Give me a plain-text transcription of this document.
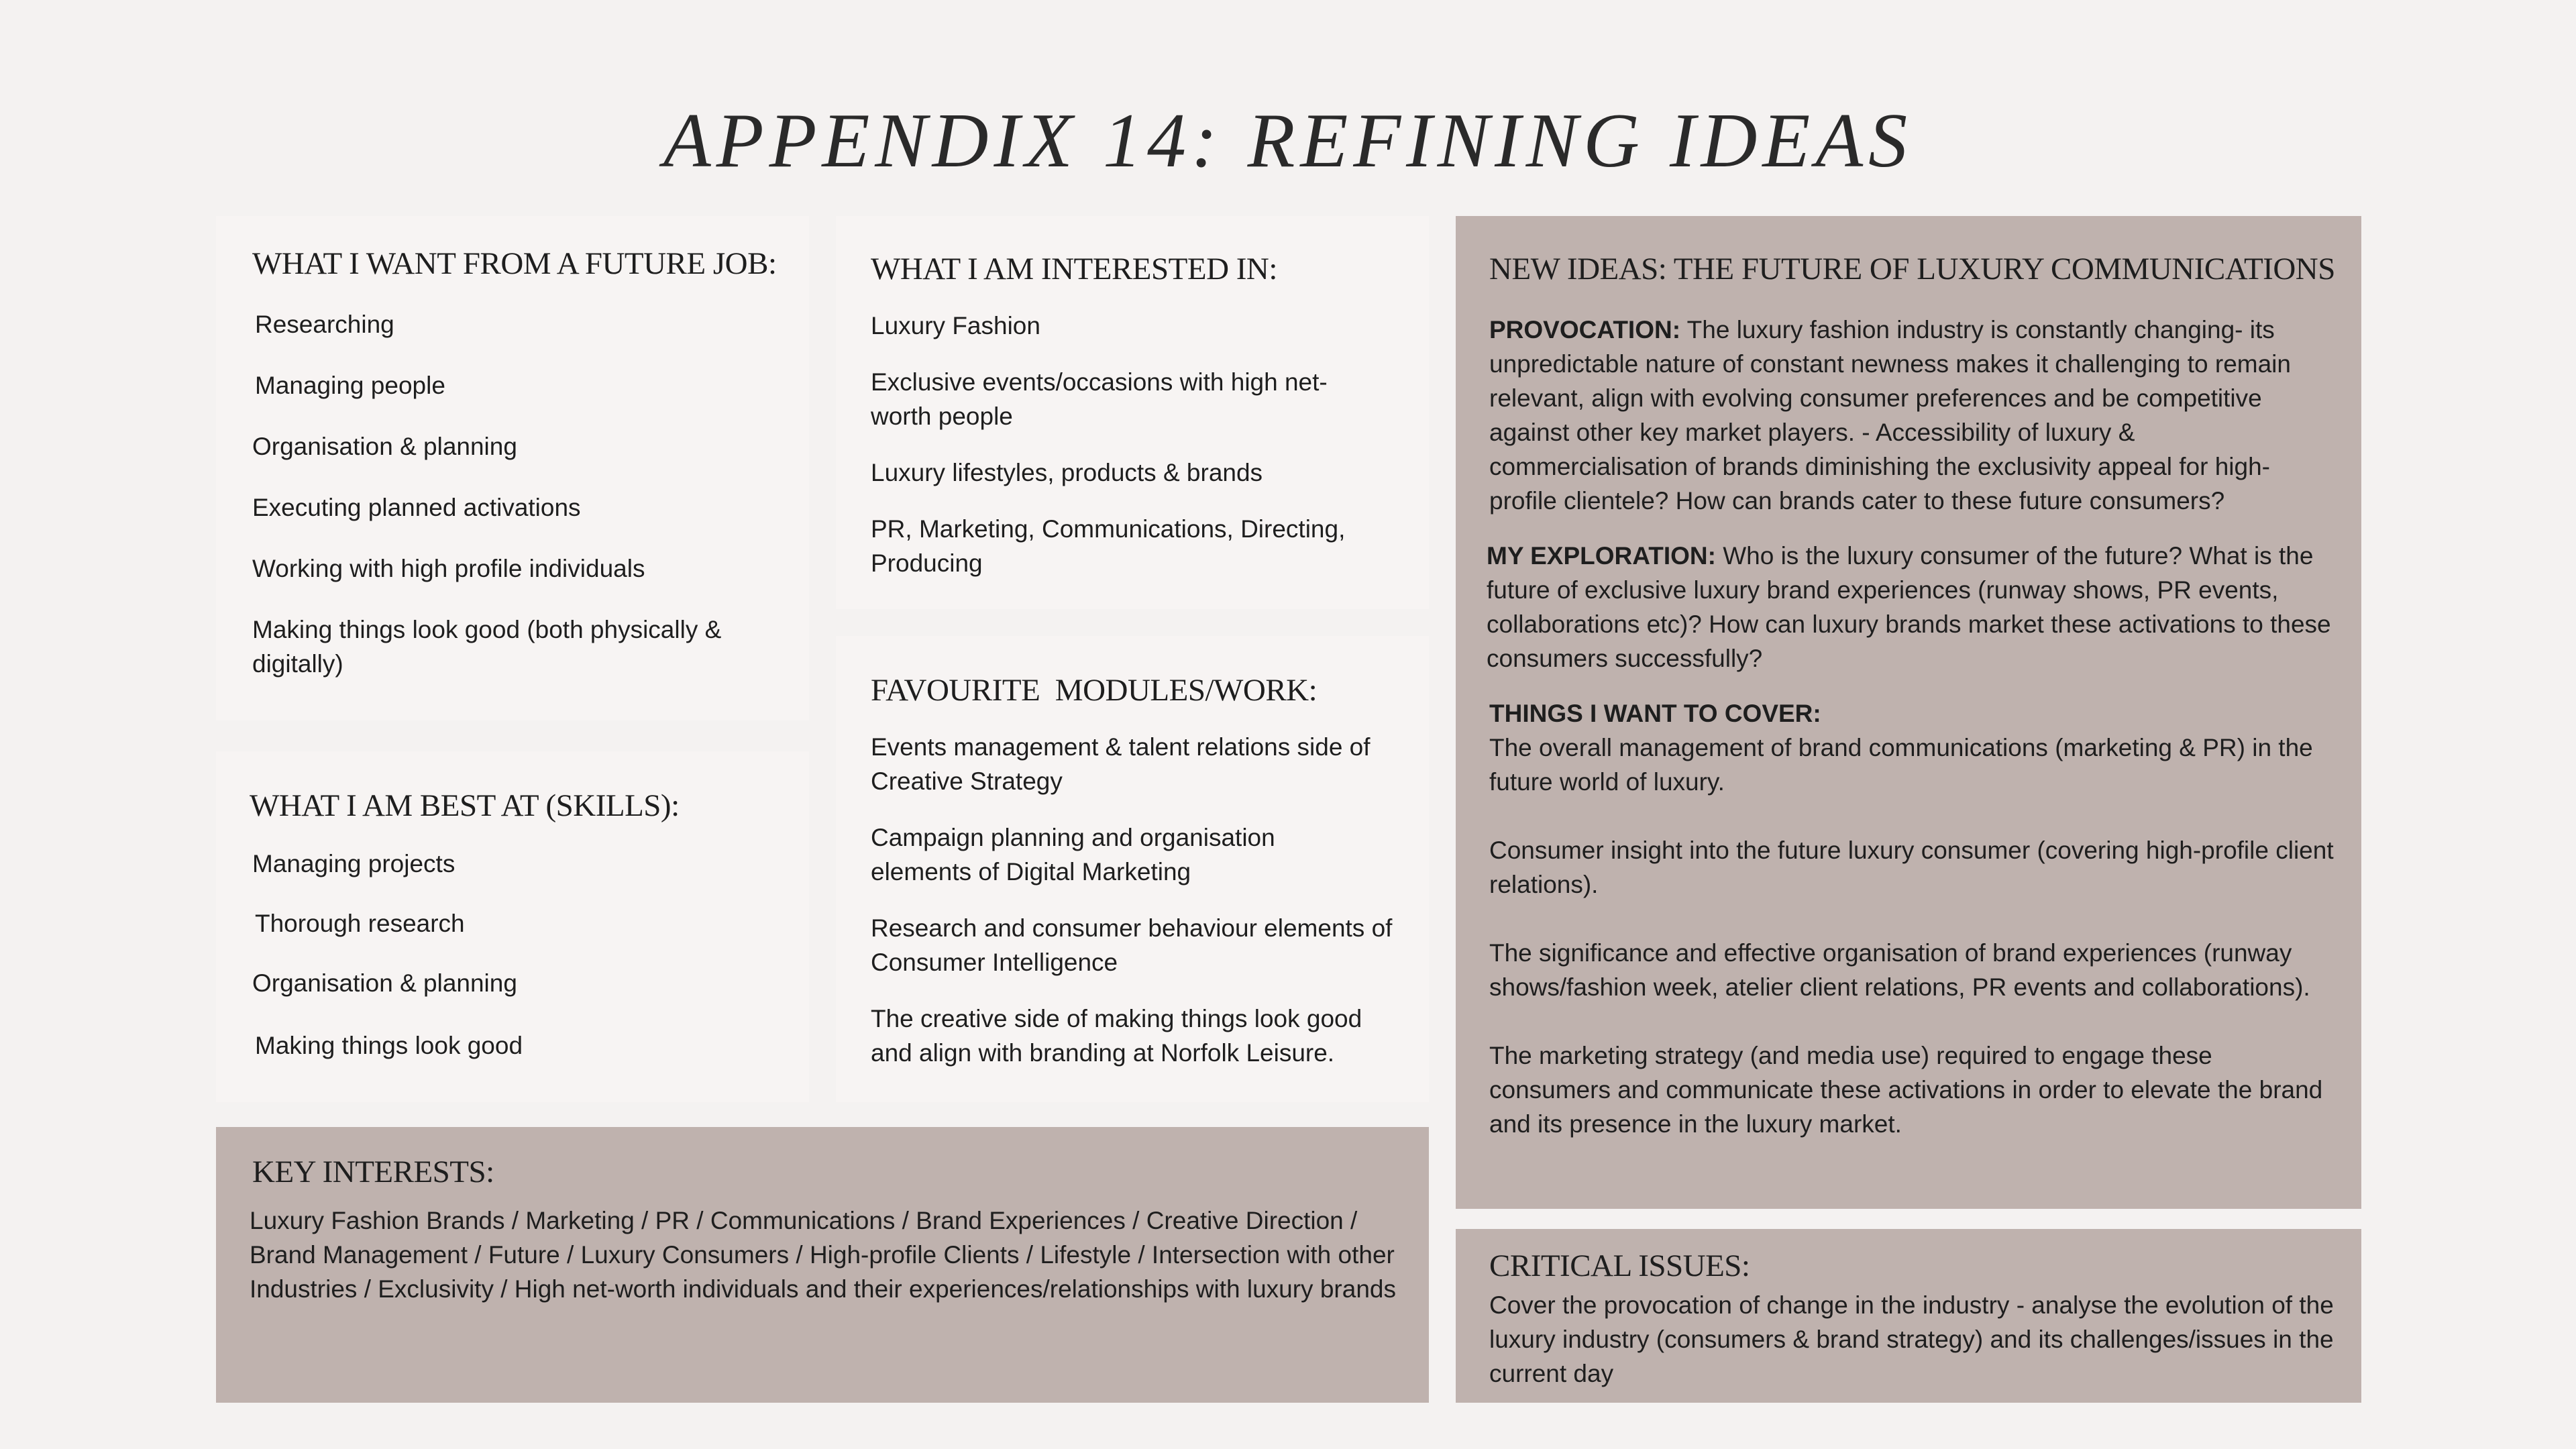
APPENDIX 14: REFINING IDEAS
WHAT I WANT FROM A FUTURE JOB:
Researching
Managing people
Organisation & planning
Executing planned activations
Working with high profile individuals
Making things look good (both physically & digitally)
WHAT I AM BEST AT (SKILLS):
Managing projects
Thorough research
Organisation & planning
Making things look good
WHAT I AM INTERESTED IN:
Luxury Fashion
Exclusive events/occasions with high net-worth people
Luxury lifestyles, products & brands
PR, Marketing, Communications, Directing, Producing
FAVOURITE  MODULES/WORK:
Events management & talent relations side of Creative Strategy
Campaign planning and organisation elements of Digital Marketing
Research and consumer behaviour elements of Consumer Intelligence
The creative side of making things look good and align with branding at Norfolk Leisure.
KEY INTERESTS:

Luxury Fashion Brands / Marketing / PR / Communications / Brand Experiences / Creative Direction / Brand Management / Future / Luxury Consumers / High-profile Clients / Lifestyle / Intersection with other Industries / Exclusivity / High net-worth individuals and their experiences/relationships with luxury brands

NEW IDEAS: THE FUTURE OF LUXURY COMMUNICATIONS

PROVOCATION: The luxury fashion industry is constantly changing- its unpredictable nature of constant newness makes it challenging to remain relevant, align with evolving consumer preferences and be competitive against other key market players. - Accessibility of luxury & commercialisation of brands diminishing the exclusivity appeal for high-profile clientele? How can brands cater to these future consumers?

MY EXPLORATION: Who is the luxury consumer of the future? What is the future of exclusive luxury brand experiences (runway shows, PR events, collaborations etc)? How can luxury brands market these activations to these consumers successfully?

THINGS I WANT TO COVER:

The overall management of brand communications (marketing & PR) in the future world of luxury.

Consumer insight into the future luxury consumer (covering high-profile client relations).

The significance and effective organisation of brand experiences (runway shows/fashion week, atelier client relations, PR events and collaborations).

The marketing strategy (and media use) required to engage these consumers and communicate these activations in order to elevate the brand and its presence in the luxury market.

CRITICAL ISSUES:

Cover the provocation of change in the industry - analyse the evolution of the luxury industry (consumers & brand strategy) and its challenges/issues in the current day
